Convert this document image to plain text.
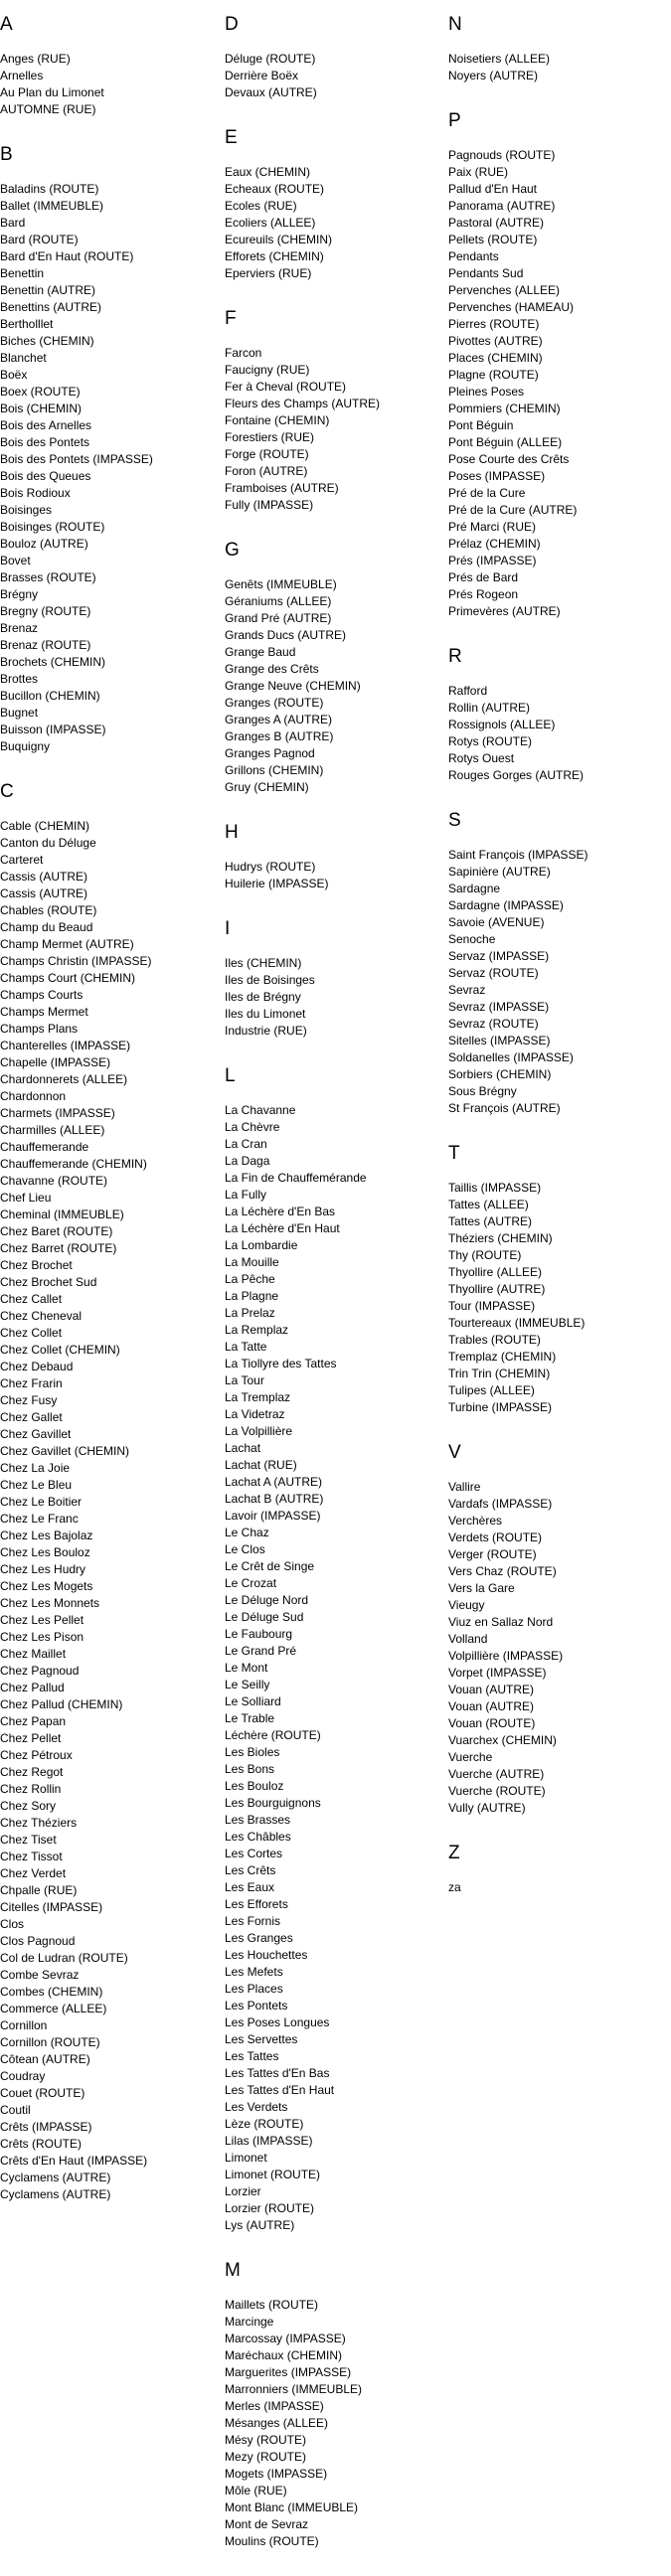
A
Anges (RUE)
Arnelles
Au Plan du Limonet
AUTOMNE (RUE)
B
Baladins (ROUTE)
Ballet (IMMEUBLE)
Bard
Bard (ROUTE)
Bard d'En Haut (ROUTE)
Benettin
Benettin (AUTRE)
Benettins (AUTRE)
Bertholllet
Biches (CHEMIN)
Blanchet
Boëx
Boex (ROUTE)
Bois (CHEMIN)
Bois des Arnelles
Bois des Pontets
Bois des Pontets (IMPASSE)
Bois des Queues
Bois Rodioux
Boisinges
Boisinges (ROUTE)
Bouloz (AUTRE)
Bovet
Brasses (ROUTE)
Brégny
Bregny (ROUTE)
Brenaz
Brenaz (ROUTE)
Brochets (CHEMIN)
Brottes
Bucillon (CHEMIN)
Bugnet
Buisson (IMPASSE)
Buquigny
C
Cable (CHEMIN)
Canton du Déluge
Carteret
Cassis (AUTRE)
Cassis (AUTRE)
Chables (ROUTE)
Champ du Beaud
Champ Mermet (AUTRE)
Champs Christin (IMPASSE)
Champs Court (CHEMIN)
Champs Courts
Champs Mermet
Champs Plans
Chanterelles (IMPASSE)
Chapelle (IMPASSE)
Chardonnerets (ALLEE)
Chardonnon
Charmets (IMPASSE)
Charmilles (ALLEE)
Chauffemerande
Chauffemerande (CHEMIN)
Chavanne (ROUTE)
Chef Lieu
Cheminal (IMMEUBLE)
Chez Baret (ROUTE)
Chez Barret (ROUTE)
Chez Brochet
Chez Brochet Sud
Chez Callet
Chez Cheneval
Chez Collet
Chez Collet (CHEMIN)
Chez Debaud
Chez Frarin
Chez Fusy
Chez Gallet
Chez Gavillet
Chez Gavillet (CHEMIN)
Chez La Joie
Chez Le Bleu
Chez Le Boitier
Chez Le Franc
Chez Les Bajolaz
Chez Les Bouloz
Chez Les Hudry
Chez Les Mogets
Chez Les Monnets
Chez Les Pellet
Chez Les Pison
Chez Maillet
Chez Pagnoud
Chez Pallud
Chez Pallud (CHEMIN)
Chez Papan
Chez Pellet
Chez Pétroux
Chez Regot
Chez Rollin
Chez Sory
Chez Théziers
Chez Tiset
Chez Tissot
Chez Verdet
Chpalle (RUE)
Citelles (IMPASSE)
Clos
Clos Pagnoud
Col de Ludran (ROUTE)
Combe Sevraz
Combes (CHEMIN)
Commerce (ALLEE)
Cornillon
Cornillon (ROUTE)
Côtean (AUTRE)
Coudray
Couet (ROUTE)
Coutil
Crêts (IMPASSE)
Crêts (ROUTE)
Crêts d'En Haut (IMPASSE)
Cyclamens (AUTRE)
Cyclamens (AUTRE)
D
Déluge (ROUTE)
Derrière Boëx
Devaux (AUTRE)
E
Eaux (CHEMIN)
Echeaux (ROUTE)
Ecoles (RUE)
Ecoliers (ALLEE)
Ecureuils (CHEMIN)
Efforets (CHEMIN)
Eperviers (RUE)
F
Farcon
Faucigny (RUE)
Fer à Cheval (ROUTE)
Fleurs des Champs (AUTRE)
Fontaine (CHEMIN)
Forestiers (RUE)
Forge (ROUTE)
Foron (AUTRE)
Framboises (AUTRE)
Fully (IMPASSE)
G
Genêts (IMMEUBLE)
Géraniums (ALLEE)
Grand Pré (AUTRE)
Grands Ducs (AUTRE)
Grange Baud
Grange des Crêts
Grange Neuve (CHEMIN)
Granges (ROUTE)
Granges A (AUTRE)
Granges B (AUTRE)
Granges Pagnod
Grillons (CHEMIN)
Gruy (CHEMIN)
H
Hudrys (ROUTE)
Huilerie (IMPASSE)
I
Iles (CHEMIN)
Iles de Boisinges
Iles de Brégny
Iles du Limonet
Industrie (RUE)
L
La Chavanne
La Chèvre
La Cran
La Daga
La Fin de Chauffemérande
La Fully
La Léchère d'En Bas
La Léchère d'En Haut
La Lombardie
La Mouille
La Pêche
La Plagne
La Prelaz
La Remplaz
La Tatte
La Tiollyre des Tattes
La Tour
La Tremplaz
La Videtraz
La Volpillière
Lachat
Lachat (RUE)
Lachat A (AUTRE)
Lachat B (AUTRE)
Lavoir (IMPASSE)
Le Chaz
Le Clos
Le Crêt de Singe
Le Crozat
Le Déluge Nord
Le Déluge Sud
Le Faubourg
Le Grand Pré
Le Mont
Le Seilly
Le Solliard
Le Trable
Léchère (ROUTE)
Les Bioles
Les Bons
Les Bouloz
Les Bourguignons
Les Brasses
Les Châbles
Les Cortes
Les Crêts
Les Eaux
Les Efforets
Les Fornis
Les Granges
Les Houchettes
Les Mefets
Les Places
Les Pontets
Les Poses Longues
Les Servettes
Les Tattes
Les Tattes d'En Bas
Les Tattes d'En Haut
Les Verdets
Lèze (ROUTE)
Lilas (IMPASSE)
Limonet
Limonet (ROUTE)
Lorzier
Lorzier (ROUTE)
Lys (AUTRE)
M
Maillets (ROUTE)
Marcinge
Marcossay (IMPASSE)
Maréchaux (CHEMIN)
Marguerites (IMPASSE)
Marronniers (IMMEUBLE)
Merles (IMPASSE)
Mésanges (ALLEE)
Mésy (ROUTE)
Mezy (ROUTE)
Mogets (IMPASSE)
Môle (RUE)
Mont Blanc (IMMEUBLE)
Mont de Sevraz
Moulins (ROUTE)
N
Noisetiers (ALLEE)
Noyers (AUTRE)
P
Pagnouds (ROUTE)
Paix (RUE)
Pallud d'En Haut
Panorama (AUTRE)
Pastoral (AUTRE)
Pellets (ROUTE)
Pendants
Pendants Sud
Pervenches (ALLEE)
Pervenches (HAMEAU)
Pierres (ROUTE)
Pivottes (AUTRE)
Places (CHEMIN)
Plagne (ROUTE)
Pleines Poses
Pommiers (CHEMIN)
Pont Béguin
Pont Béguin (ALLEE)
Pose Courte des Crêts
Poses (IMPASSE)
Pré de la Cure
Pré de la Cure (AUTRE)
Pré Marci (RUE)
Prélaz (CHEMIN)
Prés (IMPASSE)
Prés de Bard
Prés Rogeon
Primevères (AUTRE)
R
Rafford
Rollin (AUTRE)
Rossignols (ALLEE)
Rotys (ROUTE)
Rotys Ouest
Rouges Gorges (AUTRE)
S
Saint François (IMPASSE)
Sapinière (AUTRE)
Sardagne
Sardagne (IMPASSE)
Savoie (AVENUE)
Senoche
Servaz (IMPASSE)
Servaz (ROUTE)
Sevraz
Sevraz (IMPASSE)
Sevraz (ROUTE)
Sitelles (IMPASSE)
Soldanelles (IMPASSE)
Sorbiers (CHEMIN)
Sous Brégny
St François (AUTRE)
T
Taillis (IMPASSE)
Tattes (ALLEE)
Tattes (AUTRE)
Théziers (CHEMIN)
Thy (ROUTE)
Thyollire (ALLEE)
Thyollire (AUTRE)
Tour (IMPASSE)
Tourtereaux (IMMEUBLE)
Trables (ROUTE)
Tremplaz (CHEMIN)
Trin Trin (CHEMIN)
Tulipes (ALLEE)
Turbine (IMPASSE)
V
Vallire
Vardafs (IMPASSE)
Verchères
Verdets (ROUTE)
Verger (ROUTE)
Vers Chaz (ROUTE)
Vers la Gare
Vieugy
Viuz en Sallaz Nord
Volland
Volpillière (IMPASSE)
Vorpet (IMPASSE)
Vouan (AUTRE)
Vouan (AUTRE)
Vouan (ROUTE)
Vuarchex (CHEMIN)
Vuerche
Vuerche (AUTRE)
Vuerche (ROUTE)
Vully (AUTRE)
Z
za
